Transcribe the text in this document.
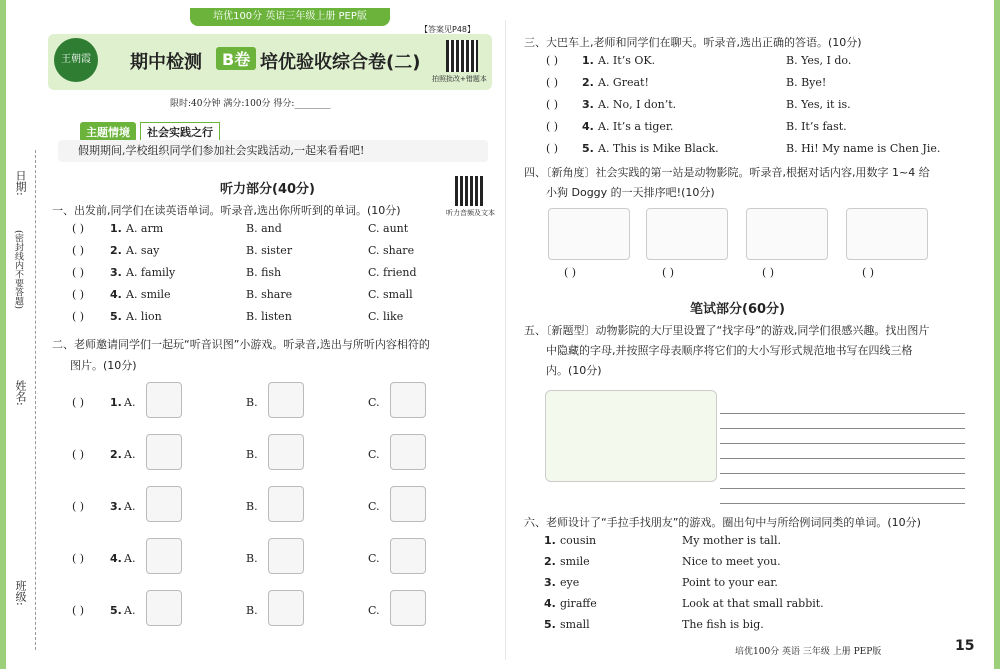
培优100分 英语三年级上册 PEP版
日期:
(密封线内不要答题)
姓名:
班级:
王朝霞	期中检测	B卷 培优验收综合卷(二)
拍照批改+错题本
【答案见P48】
限时:40分钟 满分:100分 得分:________
主题情境	社会实践之行
假期期间,学校组织同学们参加社会实践活动,一起来看看吧!
听力部分(40分)
听力音频及文本
一、出发前,同学们在读英语单词。听录音,选出你所听到的单词。(10分)
二、老师邀请同学们一起玩“听音识图”小游戏。听录音,选出与所听内容相符的
图片。(10分)
三、大巴车上,老师和同学们在聊天。听录音,选出正确的答语。(10分)
四、〔新角度〕社会实践的第一站是动物影院。听录音,根据对话内容,用数字 1~4 给
小狗 Doggy 的一天排序吧!(10分)
笔试部分(60分)
五、〔新题型〕动物影院的大厅里设置了“找字母”的游戏,同学们很感兴趣。找出图片
中隐藏的字母,并按照字母表顺序将它们的大小写形式规范地书写在四线三格
内。(10分)
六、老师设计了“手拉手找朋友”的游戏。圈出句中与所给例词同类的单词。(10分)
培优100分 英语 三年级 上册 PEP版	15
( ) 1. A. arm	B. and	C. aunt
( ) 2. A. say	B. sister	C. share
( ) 3. A. family	B. fish	C. friend
( ) 4. A. smile	B. share	C. small
( ) 5. A. lion	B. listen	C. like
( ) 1. A.	B.	C.
( ) 2. A.	B.	C.
( ) 3. A.	B.	C.
( ) 4. A.	B.	C.
( ) 5. A.	B.	C.
( ) 1. A. It’s OK.	B. Yes, I do.
( ) 2. A. Great!	B. Bye!
( ) 3. A. No, I don’t.	B. Yes, it is.
( ) 4. A. It’s a tiger.	B. It’s fast.
( ) 5. A. This is Mike Black.	B. Hi! My name is Chen Jie.
( )	( )	( )	( )
1. cousin	My mother is tall.
2. smile	Nice to meet you.
3. eye	Point to your ear.
4. giraffe	Look at that small rabbit.
5. small	The fish is big.
